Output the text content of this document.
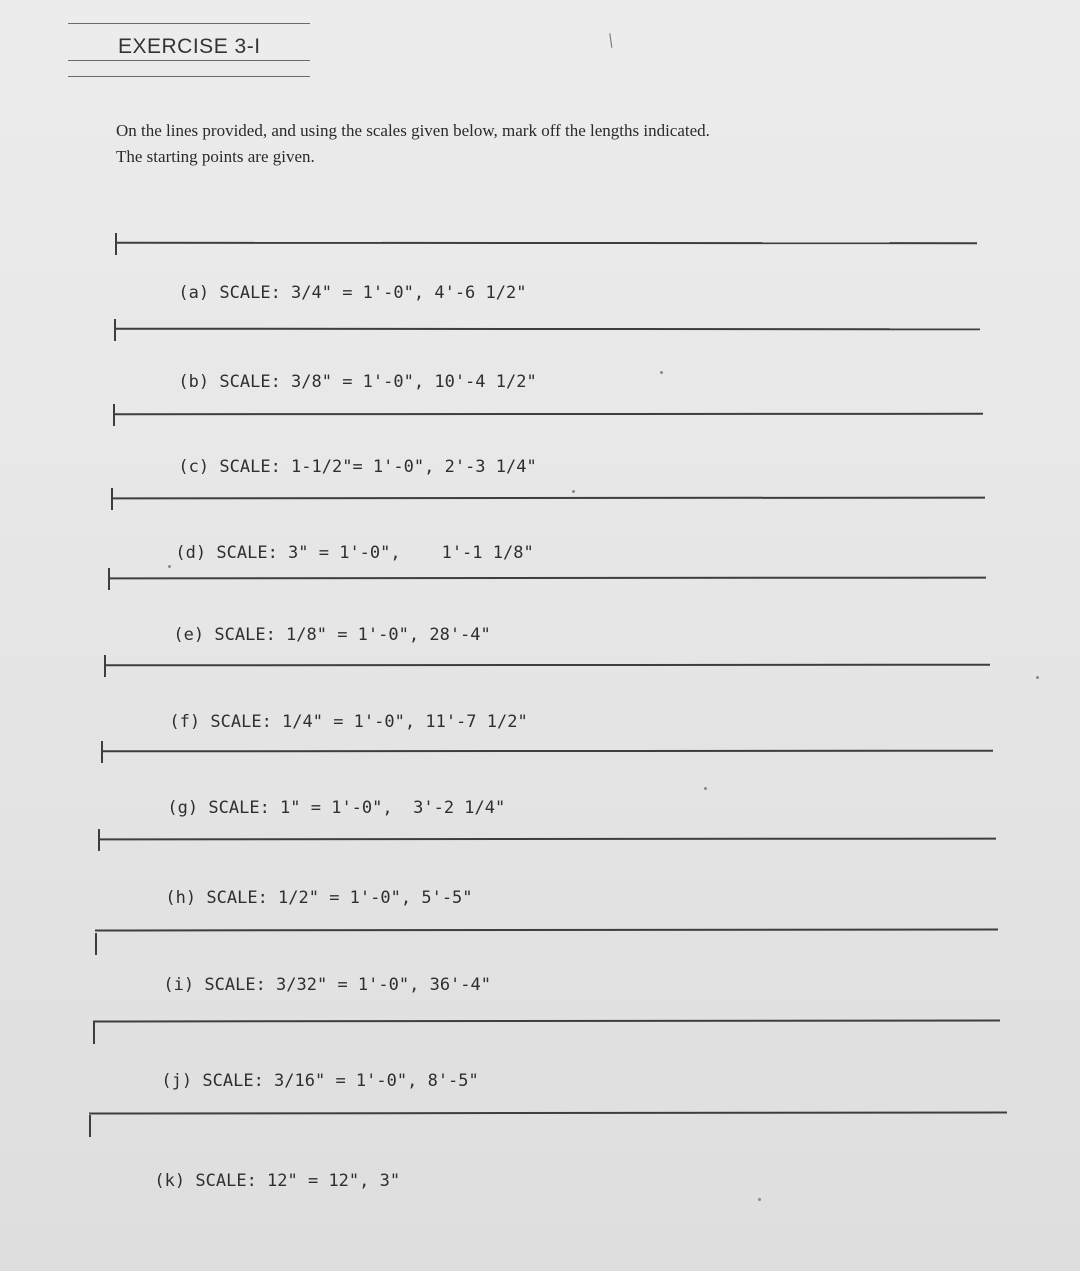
EXERCISE 3-I	⁄

On the lines provided, and using the scales given below, mark off the lengths indicated.

The starting points are given.

(a) SCALE: 3/4" = 1'-0", 4'-6 1/2"

(b) SCALE: 3/8" = 1'-0", 10'-4 1/2"

(c) SCALE: 1-1/2"= 1'-0", 2'-3 1/4"

(d) SCALE: 3" = 1'-0", 1'-1 1/8"

(e) SCALE: 1/8" = 1'-0", 28'-4"

(f) SCALE: 1/4" = 1'-0", 11'-7 1/2"

(g) SCALE: 1" = 1'-0", 3'-2 1/4"

(h) SCALE: 1/2" = 1'-0", 5'-5"

(i) SCALE: 3/32" = 1'-0", 36'-4"

(j) SCALE: 3/16" = 1'-0", 8'-5"

(k) SCALE: 12" = 12", 3"
